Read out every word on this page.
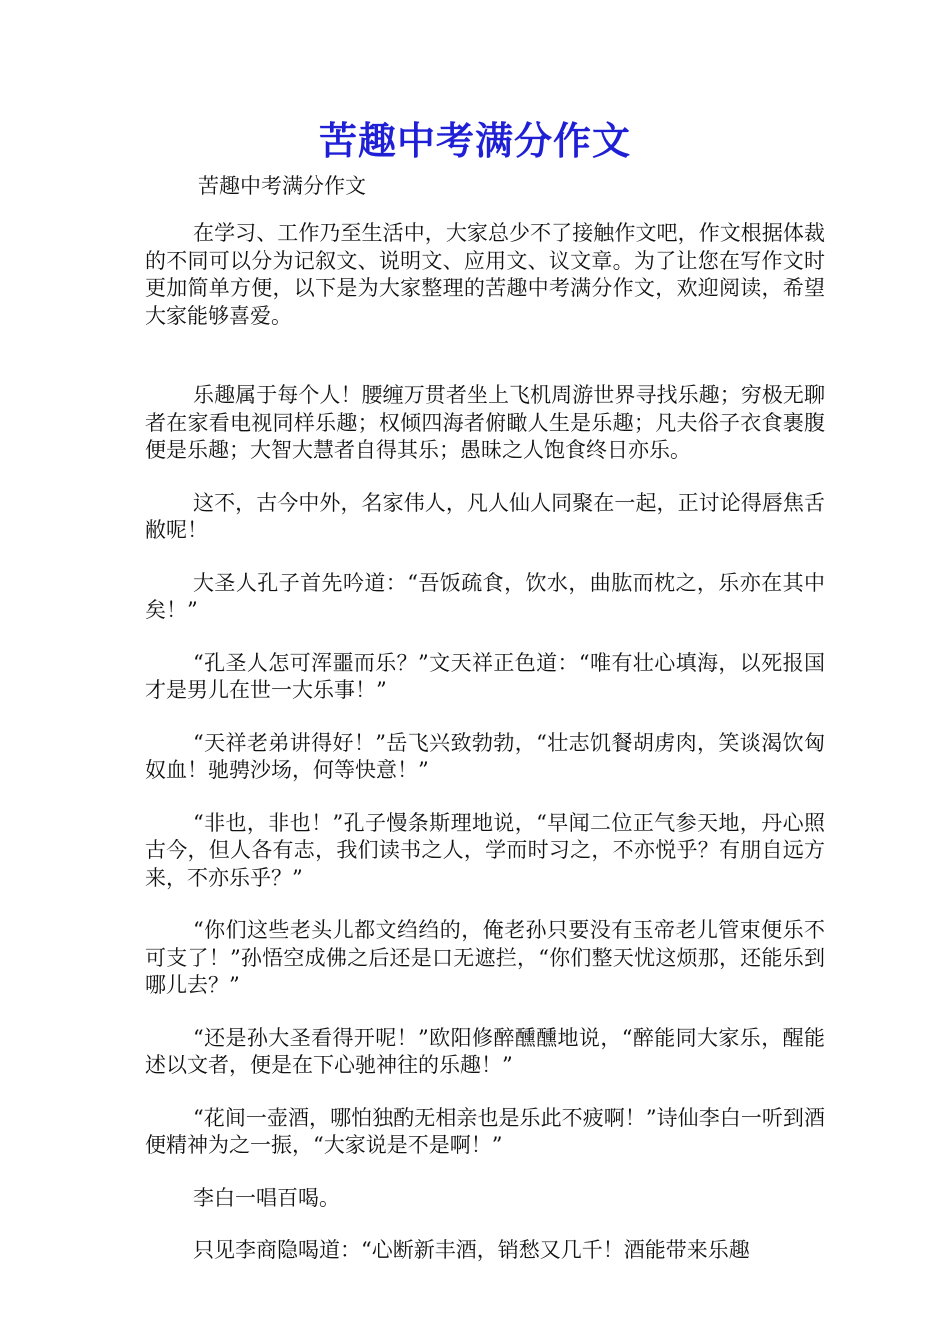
苦趣中考满分作文

苦趣中考满分作文

在学习、工作乃至生活中，大家总少不了接触作文吧，作文根据体裁的不同可以分为记叙文、说明文、应用文、议文章。为了让您在写作文时更加简单方便，以下是为大家整理的苦趣中考满分作文，欢迎阅读，希望大家能够喜爱。

乐趣属于每个人！腰缠万贯者坐上飞机周游世界寻找乐趣；穷极无聊者在家看电视同样乐趣；权倾四海者俯瞰人生是乐趣；凡夫俗子衣食裹腹便是乐趣；大智大慧者自得其乐；愚昧之人饱食终日亦乐。

这不，古今中外，名家伟人，凡人仙人同聚在一起，正讨论得唇焦舌敝呢！

大圣人孔子首先吟道：“吾饭疏食，饮水，曲肱而枕之，乐亦在其中矣！”

“孔圣人怎可浑噩而乐？”文天祥正色道：“唯有壮心填海，以死报国才是男儿在世一大乐事！”

“天祥老弟讲得好！”岳飞兴致勃勃，“壮志饥餐胡虏肉，笑谈渴饮匈奴血！驰骋沙场，何等快意！”

“非也，非也！”孔子慢条斯理地说，“早闻二位正气参天地，丹心照古今，但人各有志，我们读书之人，学而时习之，不亦悦乎？有朋自远方来，不亦乐乎？”

“你们这些老头儿都文绉绉的，俺老孙只要没有玉帝老儿管束便乐不可支了！”孙悟空成佛之后还是口无遮拦，“你们整天忧这烦那，还能乐到哪儿去？”

“还是孙大圣看得开呢！”欧阳修醉醺醺地说，“醉能同大家乐，醒能述以文者，便是在下心驰神往的乐趣！”

“花间一壶酒，哪怕独酌无相亲也是乐此不疲啊！”诗仙李白一听到酒便精神为之一振，“大家说是不是啊！”

李白一唱百喝。

只见李商隐喝道：“心断新丰酒，销愁又几千！酒能带来乐趣
